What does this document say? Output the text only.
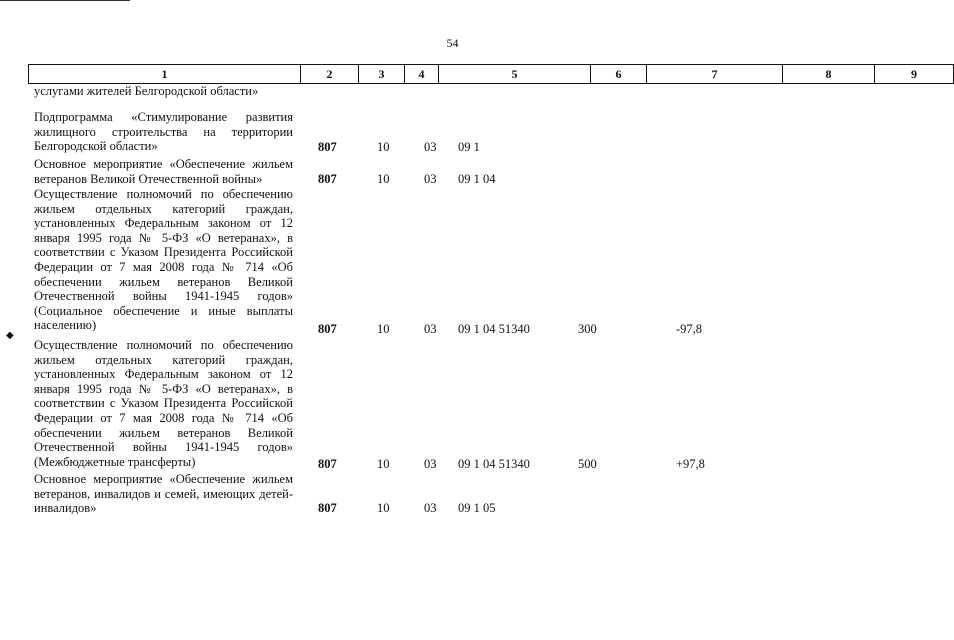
54
1	2	3	4	5	6	7	8	9
услугами жителей Белгородской области»
Подпрограмма «Стимулирование развития жилищного строительства на территории Белгородской области»	807	10	03 09 1
Основное мероприятие «Обеспечение жильем ветеранов Великой Отечественной войны»	807	10	03 09 1 04
Осуществление полномочий по обеспечению жильем отдельных категорий граждан, установленных Федеральным законом от 12 января 1995 года № 5-ФЗ «О ветеранах», в соответствии с Указом Президента Российской Федерации от 7 мая 2008 года № 714 «Об обеспечении жильем ветеранов Великой Отечественной войны 1941-1945 годов» (Социальное обеспечение и иные выплаты населению)	807	10	03 09 1 04 51340	300	-97,8
Осуществление полномочий по обеспечению жильем отдельных категорий граждан, установленных Федеральным законом от 12 января 1995 года № 5-ФЗ «О ветеранах», в соответствии с Указом Президента Российской Федерации от 7 мая 2008 года № 714 «Об обеспечении жильем ветеранов Великой Отечественной войны 1941-1945 годов» (Межбюджетные трансферты)	807	10	03 09 1 04 51340	500	+97,8
Основное мероприятие «Обеспечение жильем ветеранов, инвалидов и семей, имеющих детей-инвалидов»	807	10	03 09 1 05
◆
